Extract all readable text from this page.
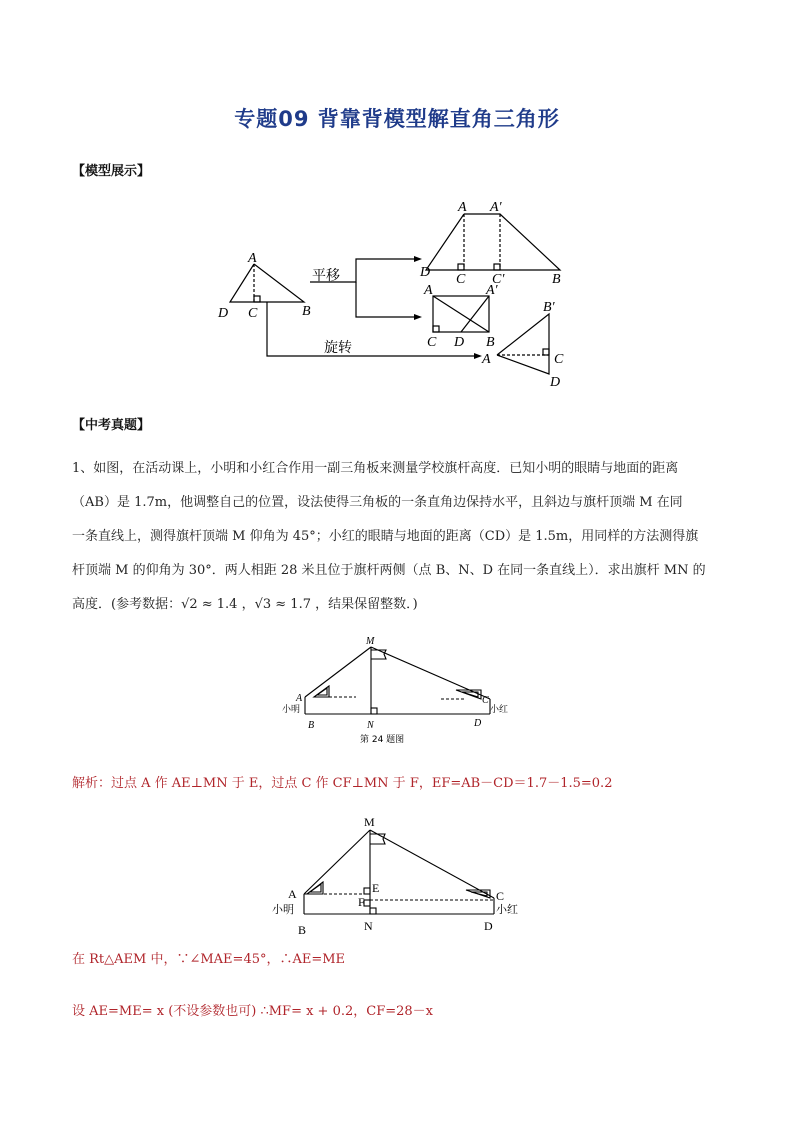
专题09 背靠背模型解直角三角形
【模型展示】
A
D C	B
A A′
D C C′	B
A	A′
C D B
B′
C
A
D
平移
旋转
【中考真题】
1、如图，在活动课上，小明和小红合作用一副三角板来测量学校旗杆高度．已知小明的眼睛与地面的距离
（AB）是 1.7m，他调整自己的位置，设法使得三角板的一条直角边保持水平，且斜边与旗杆顶端 M 在同
一条直线上，测得旗杆顶端 M 仰角为 45°；小红的眼睛与地面的距离（CD）是 1.5m，用同样的方法测得旗
杆顶端 M 的仰角为 30°．两人相距 28 米且位于旗杆两侧（点 B、N、D 在同一条直线上）．求出旗杆 MN 的
高度．(参考数据：√2 ≈ 1.4 ，√3 ≈ 1.7 ，结果保留整数．)
M
A
B	N
C
D
小明	小红
第 24 题图
解析：过点 A 作 AE⊥MN 于 E，过点 C 作 CF⊥MN 于 F，EF=AB－CD＝1.7－1.5=0.2
M
A	E
F
B	N
C
D
小明	小红
在 Rt△AEM 中，∵∠MAE=45°，∴AE=ME
设 AE=ME= x (不设参数也可) ∴MF= x + 0.2，CF=28－x
